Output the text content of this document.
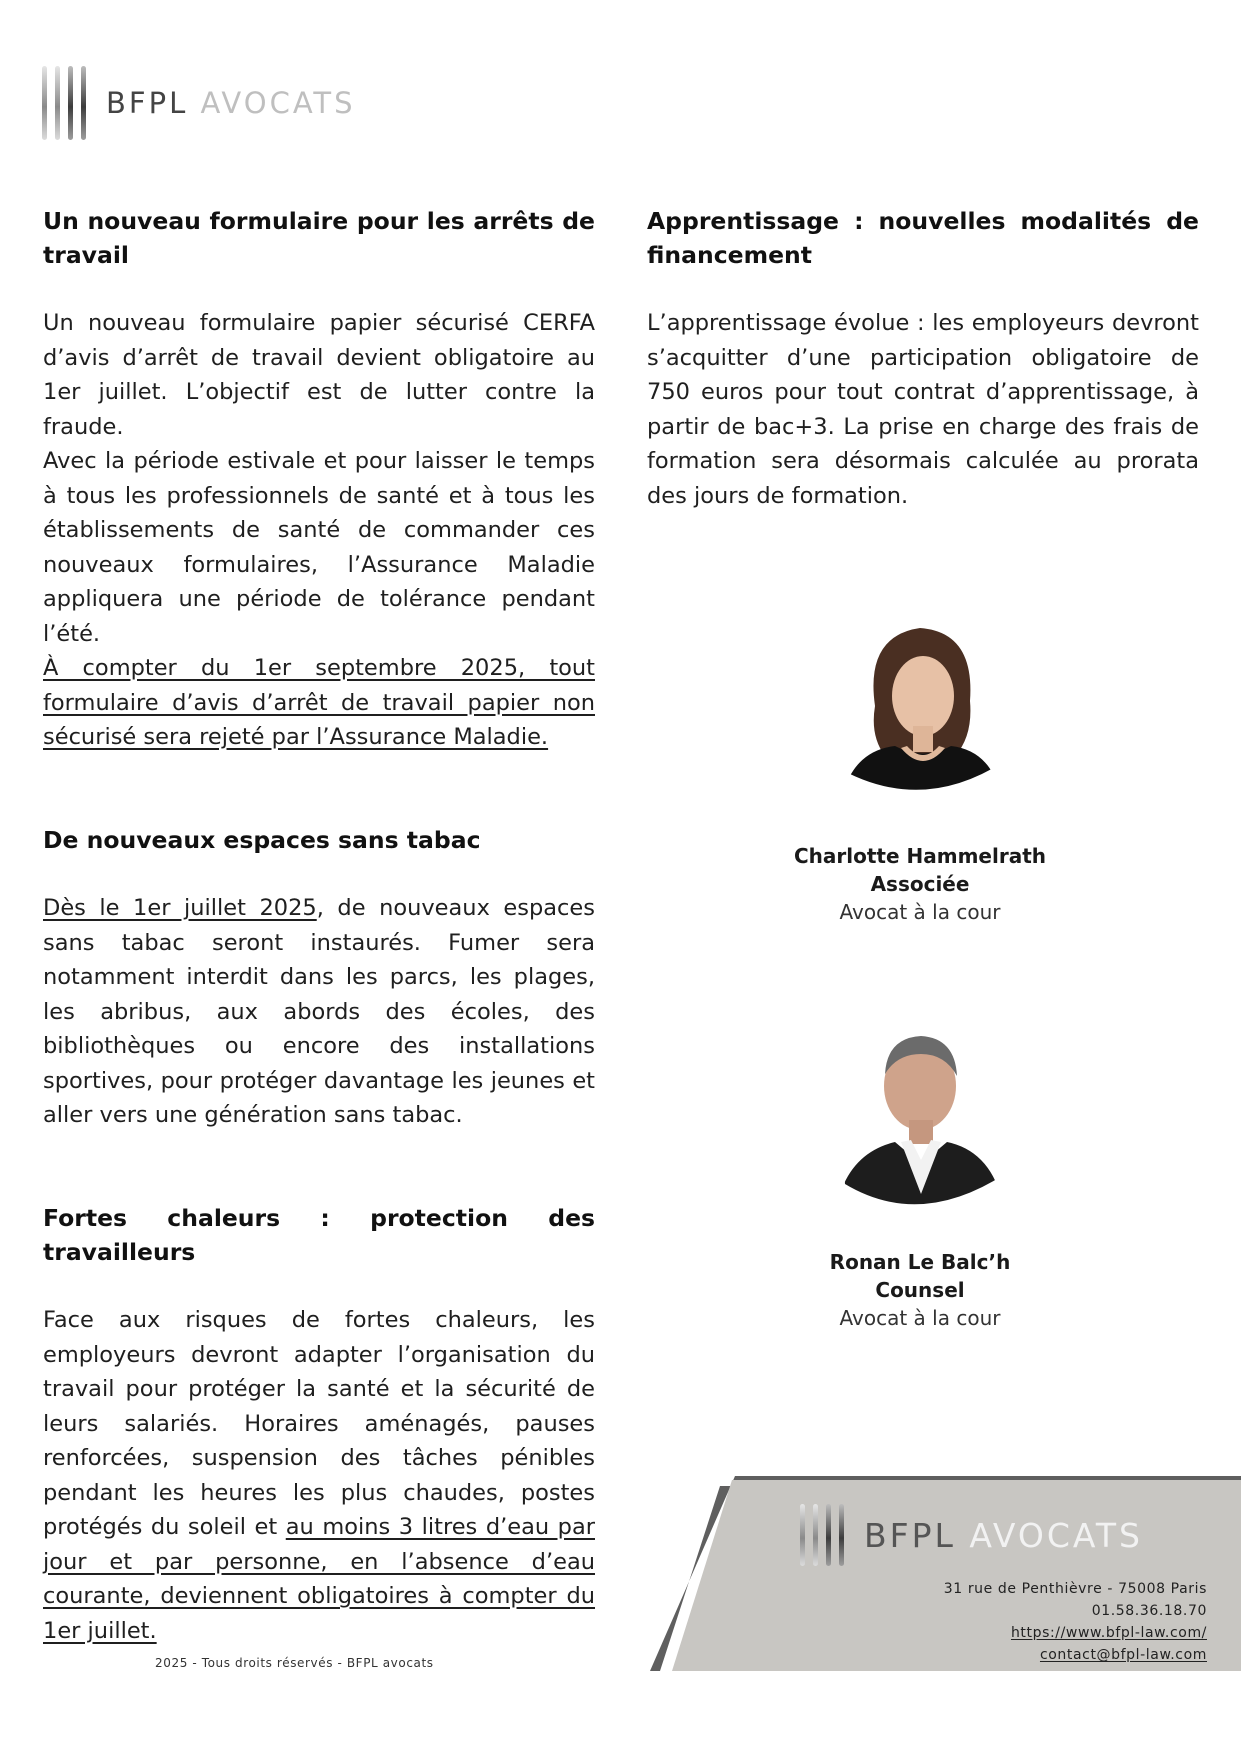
BFPL AVOCATS
Un nouveau formulaire pour les arrêts de travail

Un nouveau formulaire papier sécurisé CERFA d’avis d’arrêt de travail devient obligatoire au 1er juillet. L’objectif est de lutter contre la fraude.

Avec la période estivale et pour laisser le temps à tous les professionnels de santé et à tous les établissements de santé de commander ces nouveaux formulaires, l’Assurance Maladie appliquera une période de tolérance pendant l’été.

À compter du 1er septembre 2025, tout formulaire d’avis d’arrêt de travail papier non sécurisé sera rejeté par l’Assurance Maladie.

De nouveaux espaces sans tabac

Dès le 1er juillet 2025, de nouveaux espaces sans tabac seront instaurés. Fumer sera notamment interdit dans les parcs, les plages, les abribus, aux abords des écoles, des bibliothèques ou encore des installations sportives, pour protéger davantage les jeunes et aller vers une génération sans tabac.

Fortes chaleurs : protection des travailleurs

Face aux risques de fortes chaleurs, les employeurs devront adapter l’organisation du travail pour protéger la santé et la sécurité de leurs salariés. Horaires aménagés, pauses renforcées, suspension des tâches pénibles pendant les heures les plus chaudes, postes protégés du soleil et au moins 3 litres d’eau par jour et par personne, en l’absence d’eau courante, deviennent obligatoires à compter du 1er juillet.

Apprentissage : nouvelles modalités de financement

L’apprentissage évolue : les employeurs devront s’acquitter d’une participation obligatoire de 750 euros pour tout contrat d’apprentissage, à partir de bac+3. La prise en charge des frais de formation sera désormais calculée au prorata des jours de formation.

Charlotte Hammelrath
Associée
Avocat à la cour
Ronan Le Balc’h
Counsel
Avocat à la cour
BFPL AVOCATS
31 rue de Penthièvre - 75008 Paris
01.58.36.18.70
https://www.bfpl-law.com/
contact@bfpl-law.com
2025 - Tous droits réservés - BFPL avocats
